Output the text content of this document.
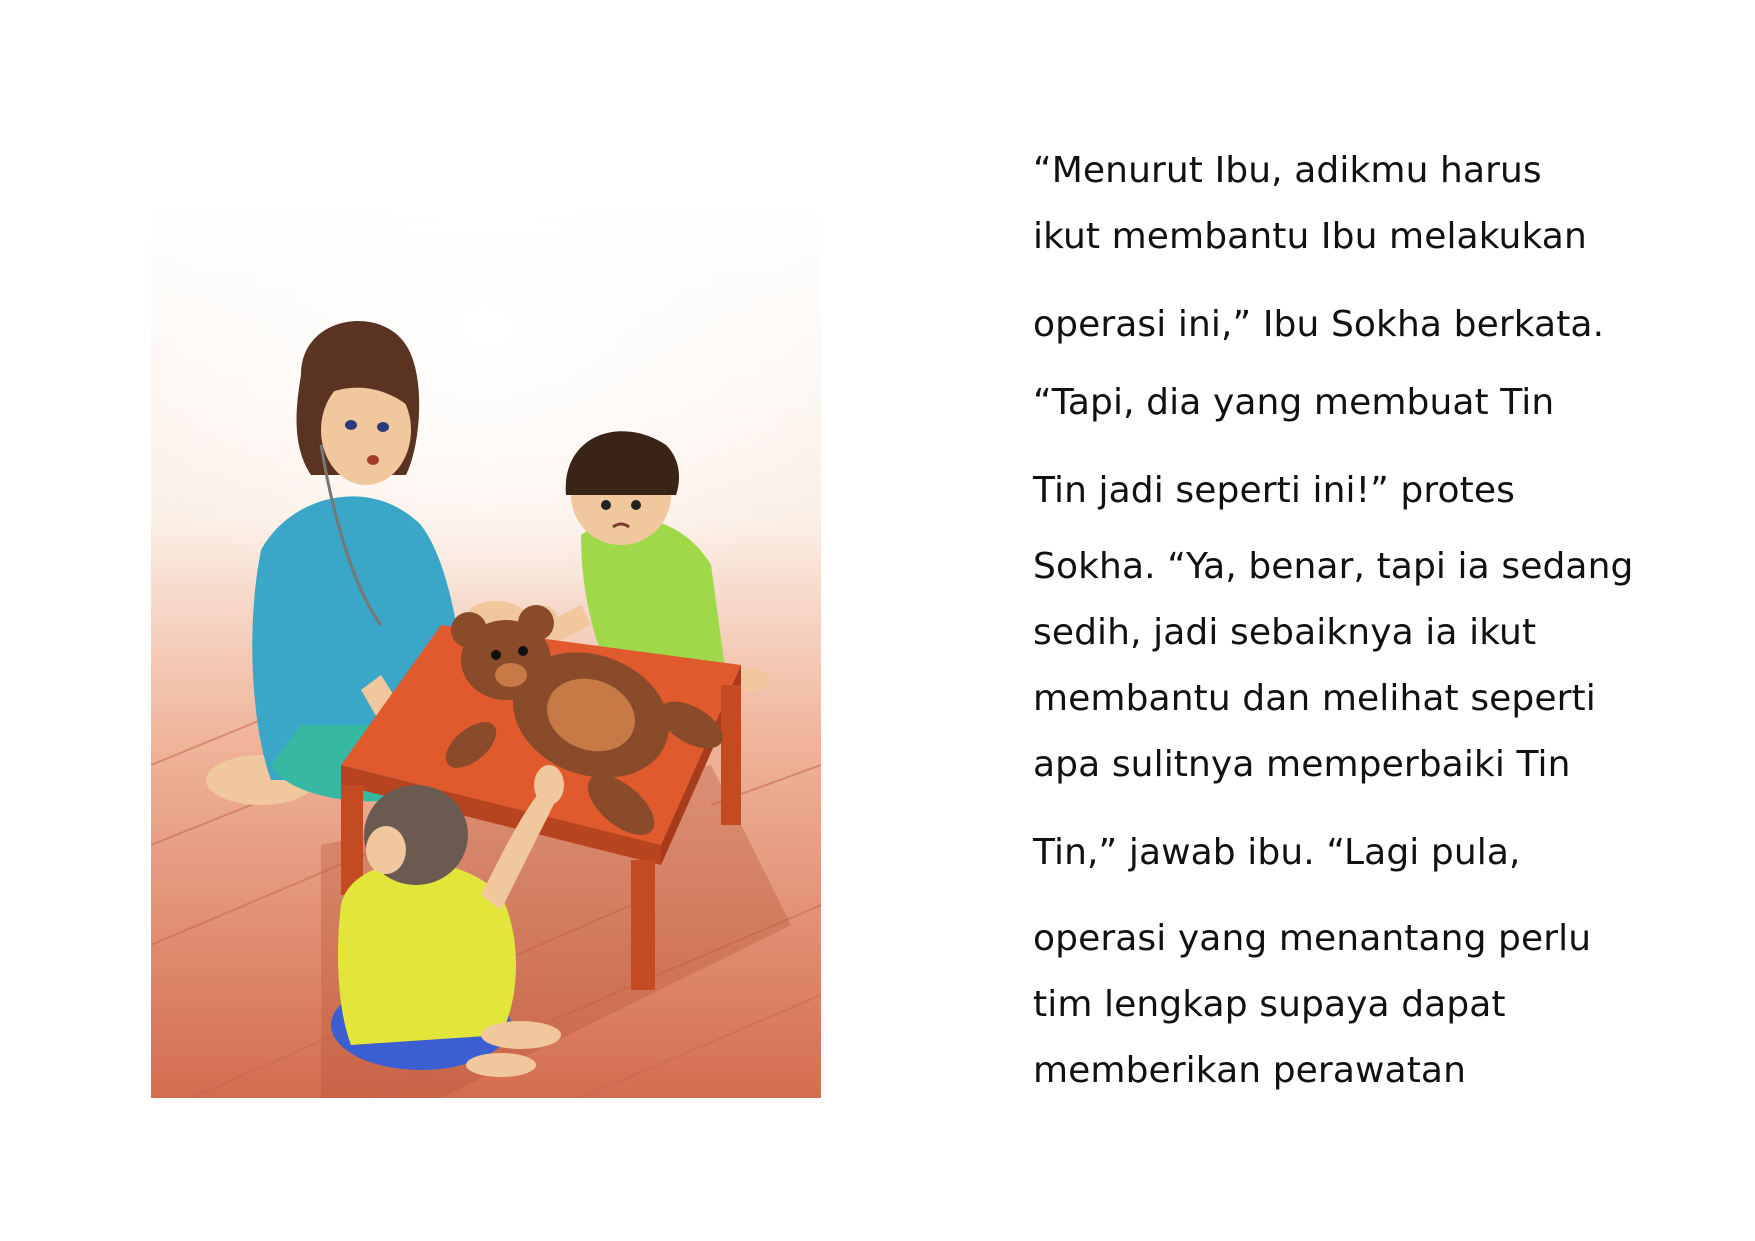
“Menurut Ibu, adikmu harus
ikut membantu Ibu melakukan
operasi ini,” Ibu Sokha berkata.
“Tapi, dia yang membuat Tin
Tin jadi seperti ini!” protes
Sokha. “Ya, benar, tapi ia sedang
sedih, jadi sebaiknya ia ikut
membantu dan melihat seperti
apa sulitnya memperbaiki Tin
Tin,” jawab ibu. “Lagi pula,
operasi yang menantang perlu
tim lengkap supaya dapat
memberikan perawatan
